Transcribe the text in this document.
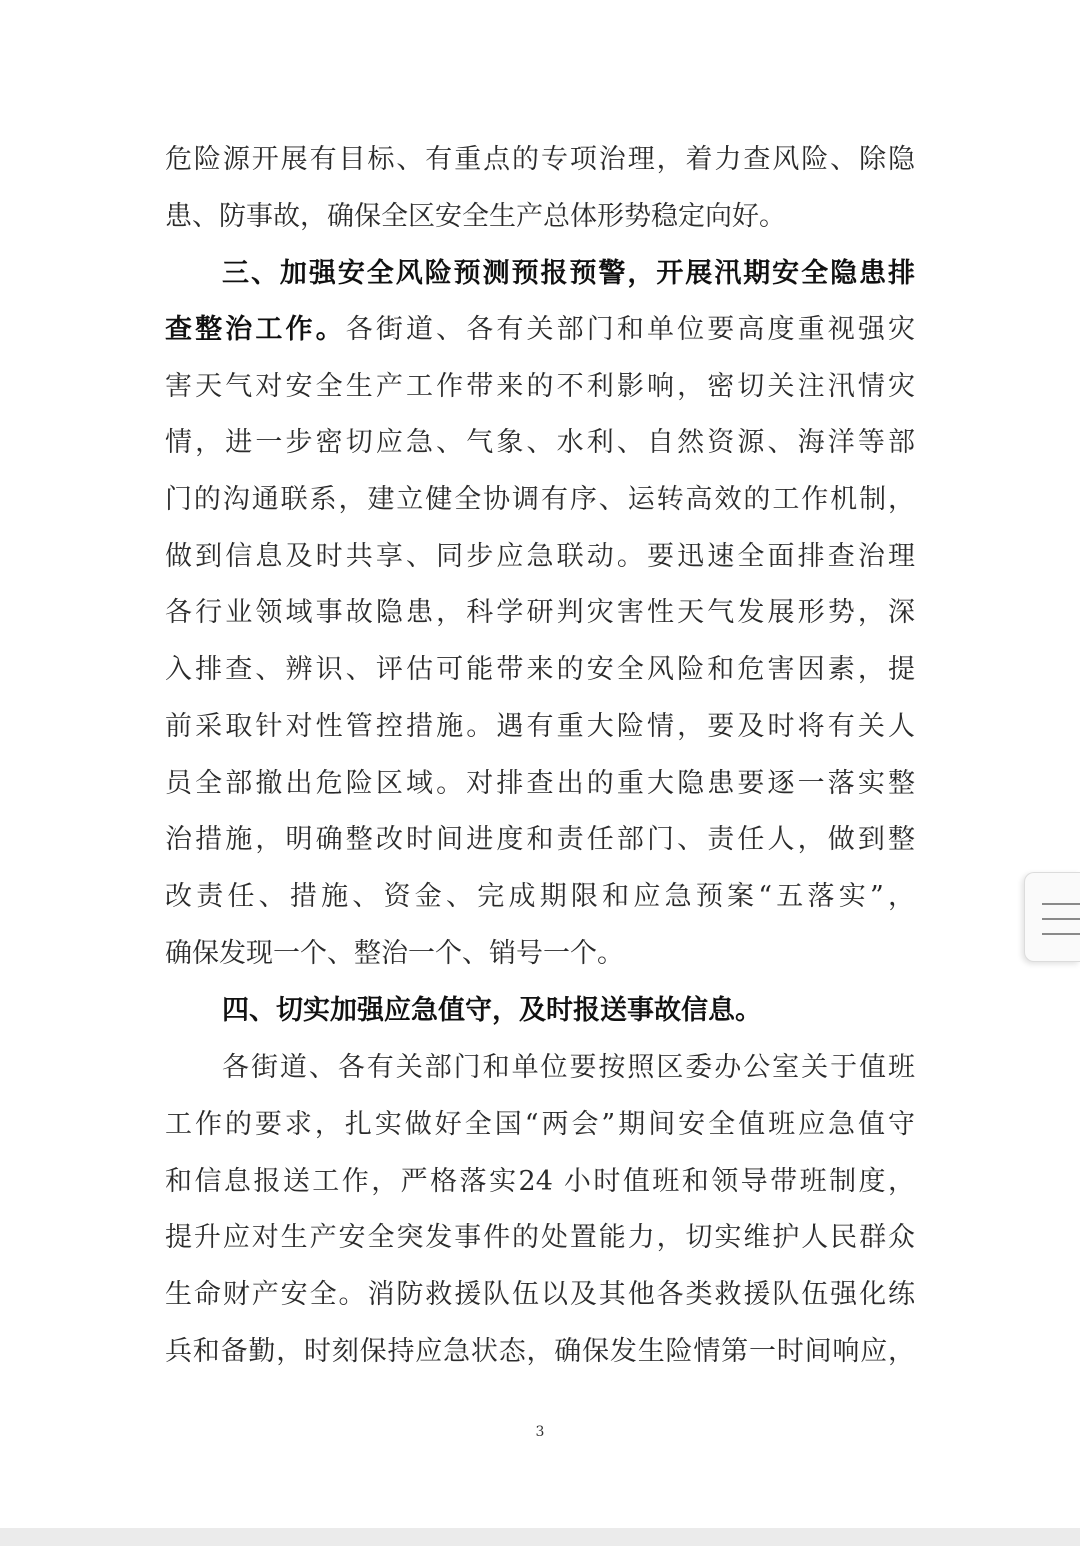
危险源开展有目标、有重点的专项治理，着力查风险、除隐
患、防事故，确保全区安全生产总体形势稳定向好。
三、加强安全风险预测预报预警，开展汛期安全隐患排
查整治工作。各街道、各有关部门和单位要高度重视强灾
害天气对安全生产工作带来的不利影响，密切关注汛情灾
情，进一步密切应急、气象、水利、自然资源、海洋等部
门的沟通联系，建立健全协调有序、运转高效的工作机制，
做到信息及时共享、同步应急联动。要迅速全面排查治理
各行业领域事故隐患，科学研判灾害性天气发展形势，深
入排查、辨识、评估可能带来的安全风险和危害因素，提
前采取针对性管控措施。遇有重大险情，要及时将有关人
员全部撤出危险区域。对排查出的重大隐患要逐一落实整
治措施，明确整改时间进度和责任部门、责任人，做到整
改责任、措施、资金、完成期限和应急预案“五落实”，
确保发现一个、整治一个、销号一个。
四、切实加强应急值守，及时报送事故信息。
各街道、各有关部门和单位要按照区委办公室关于值班
工作的要求，扎实做好全国“两会”期间安全值班应急值守
和信息报送工作，严格落实24 小时值班和领导带班制度，
提升应对生产安全突发事件的处置能力，切实维护人民群众
生命财产安全。消防救援队伍以及其他各类救援队伍强化练
兵和备勤，时刻保持应急状态，确保发生险情第一时间响应，
3
